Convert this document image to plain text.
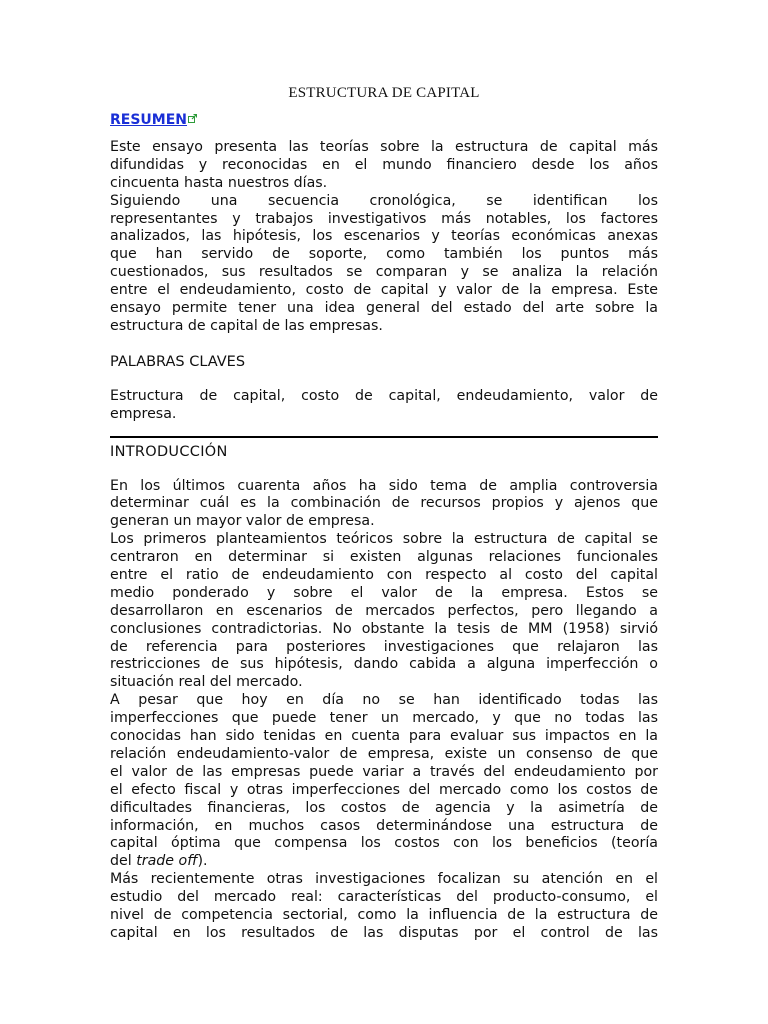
ESTRUCTURA DE CAPITAL
RESUMEN
Este ensayo presenta las teorías sobre la estructura de capital más
difundidas y reconocidas en el mundo financiero desde los años
cincuenta hasta nuestros días.
Siguiendo una secuencia cronológica, se identifican los
representantes y trabajos investigativos más notables, los factores
analizados, las hipótesis, los escenarios y teorías económicas anexas
que han servido de soporte, como también los puntos más
cuestionados, sus resultados se comparan y se analiza la relación
entre el endeudamiento, costo de capital y valor de la empresa. Este
ensayo permite tener una idea general del estado del arte sobre la
estructura de capital de las empresas.
PALABRAS CLAVES
Estructura de capital, costo de capital, endeudamiento, valor de
empresa.
INTRODUCCIÓN
En los últimos cuarenta años ha sido tema de amplia controversia
determinar cuál es la combinación de recursos propios y ajenos que
generan un mayor valor de empresa.
Los primeros planteamientos teóricos sobre la estructura de capital se
centraron en determinar si existen algunas relaciones funcionales
entre el ratio de endeudamiento con respecto al costo del capital
medio ponderado y sobre el valor de la empresa. Estos se
desarrollaron en escenarios de mercados perfectos, pero llegando a
conclusiones contradictorias. No obstante la tesis de MM (1958) sirvió
de referencia para posteriores investigaciones que relajaron las
restricciones de sus hipótesis, dando cabida a alguna imperfección o
situación real del mercado.
A pesar que hoy en día no se han identificado todas las
imperfecciones que puede tener un mercado, y que no todas las
conocidas han sido tenidas en cuenta para evaluar sus impactos en la
relación endeudamiento-valor de empresa, existe un consenso de que
el valor de las empresas puede variar a través del endeudamiento por
el efecto fiscal y otras imperfecciones del mercado como los costos de
dificultades financieras, los costos de agencia y la asimetría de
información, en muchos casos determinándose una estructura de
capital óptima que compensa los costos con los beneficios (teoría
del trade off).
Más recientemente otras investigaciones focalizan su atención en el
estudio del mercado real: características del producto-consumo, el
nivel de competencia sectorial, como la influencia de la estructura de
capital en los resultados de las disputas por el control de las
